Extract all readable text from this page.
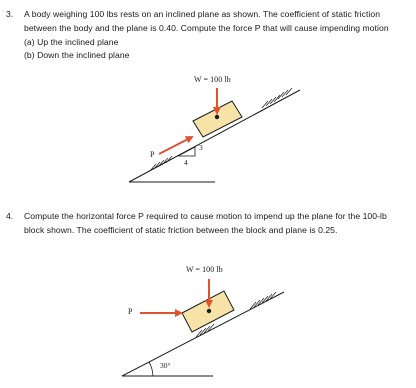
3. A body weighing 100 lbs rests on an inclined plane as shown. The coefficient of static friction
between the body and the plane is 0.40. Compute the force P that will cause impending motion
(a) Up the inclined plane
(b) Down the inclined plane
W = 100 lb
P
3
4
4. Compute the horizontal force P required to cause motion to impend up the plane for the 100-lb
block shown. The coefficient of static friction between the block and plane is 0.25.
W = 100 lb
P
30°
